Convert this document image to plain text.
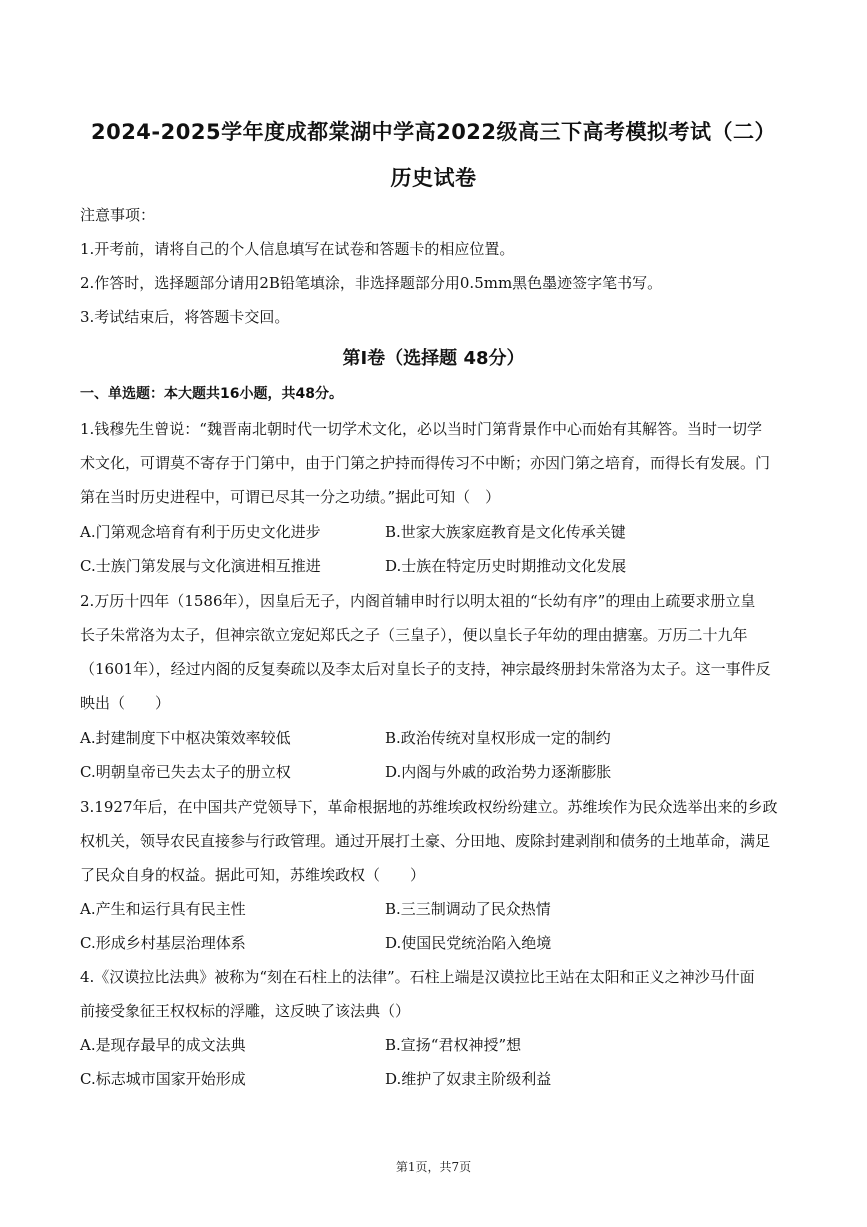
2024-2025学年度成都棠湖中学高2022级高三下高考模拟考试（二）
历史试卷
注意事项：
1.开考前，请将自己的个人信息填写在试卷和答题卡的相应位置。
2.作答时，选择题部分请用2B铅笔填涂，非选择题部分用0.5mm黑色墨迹签字笔书写。
3.考试结束后，将答题卡交回。
第Ⅰ卷（选择题 48分）
一、单选题：本大题共16小题，共48分。
1.钱穆先生曾说：“魏晋南北朝时代一切学术文化，必以当时门第背景作中心而始有其解答。当时一切学
术文化，可谓莫不寄存于门第中，由于门第之护持而得传习不中断；亦因门第之培育，而得长有发展。门
第在当时历史进程中，可谓已尽其一分之功绩。”据此可知（　）
A.门第观念培育有利于历史文化进步	B.世家大族家庭教育是文化传承关键
C.士族门第发展与文化演进相互推进	D.士族在特定历史时期推动文化发展
2.万历十四年（1586年），因皇后无子，内阁首辅申时行以明太祖的“长幼有序”的理由上疏要求册立皇
长子朱常洛为太子，但神宗欲立宠妃郑氏之子（三皇子），便以皇长子年幼的理由搪塞。万历二十九年
（1601年），经过内阁的反复奏疏以及李太后对皇长子的支持，神宗最终册封朱常洛为太子。这一事件反
映出（　　）
A.封建制度下中枢决策效率较低	B.政治传统对皇权形成一定的制约
C.明朝皇帝已失去太子的册立权	D.内阁与外戚的政治势力逐渐膨胀
3.1927年后，在中国共产党领导下，革命根据地的苏维埃政权纷纷建立。苏维埃作为民众选举出来的乡政
权机关，领导农民直接参与行政管理。通过开展打土豪、分田地、废除封建剥削和债务的土地革命，满足
了民众自身的权益。据此可知，苏维埃政权（　　）
A.产生和运行具有民主性	B.三三制调动了民众热情
C.形成乡村基层治理体系	D.使国民党统治陷入绝境
4.《汉谟拉比法典》被称为“刻在石柱上的法律”。石柱上端是汉谟拉比王站在太阳和正义之神沙马什面
前接受象征王权权标的浮雕，这反映了该法典（）
A.是现存最早的成文法典	B.宣扬“君权神授”想
C.标志城市国家开始形成	D.维护了奴隶主阶级利益
第1页，共7页
